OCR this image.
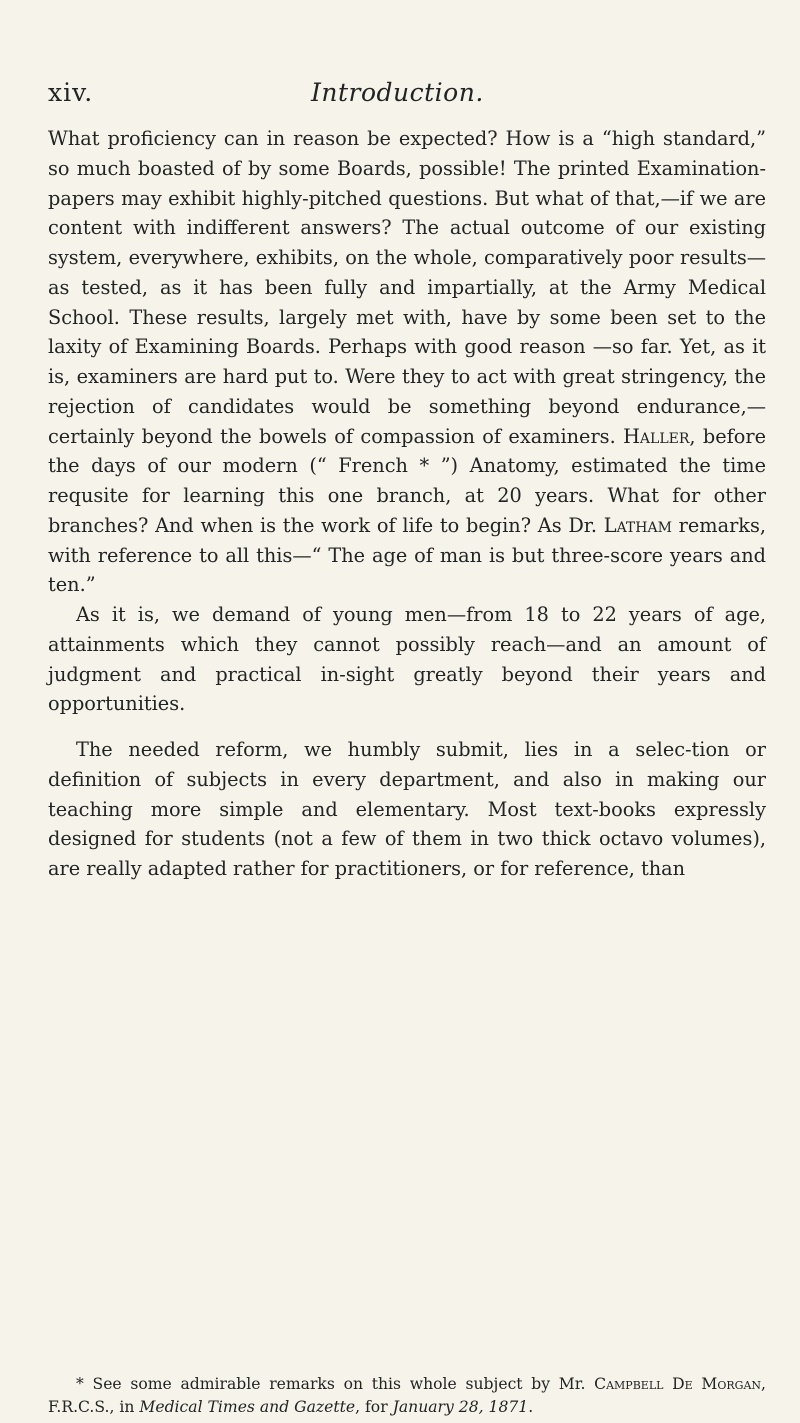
xiv.	Introduction.

What proficiency can in reason be expected? How is a “high standard,” so much boasted of by some Boards, possible! The printed Examination-papers may exhibit highly-pitched questions. But what of that,—if we are content with indifferent answers? The actual outcome of our existing system, everywhere, exhibits, on the whole, comparatively poor results—as tested, as it has been fully and impartially, at the Army Medical School. These results, largely met with, have by some been set to the laxity of Examining Boards. Perhaps with good reason —so far. Yet, as it is, examiners are hard put to. Were they to act with great stringency, the rejection of candidates would be something beyond endurance,— certainly beyond the bowels of compassion of examiners. Haller, before the days of our modern (“ French * ”) Anatomy, estimated the time requsite for learning this one branch, at 20 years. What for other branches? And when is the work of life to begin? As Dr. Latham remarks, with reference to all this—“ The age of man is but three-score years and ten.”

As it is, we demand of young men—from 18 to 22 years of age, attainments which they cannot possibly reach—and an amount of judgment and practical in-sight greatly beyond their years and opportunities.

The needed reform, we humbly submit, lies in a selec-tion or definition of subjects in every department, and also in making our teaching more simple and elementary. Most text-books expressly designed for students (not a few of them in two thick octavo volumes), are really adapted rather for practitioners, or for reference, than

* See some admirable remarks on this whole subject by Mr. Campbell De Morgan, F.R.C.S., in Medical Times and Gazette, for January 28, 1871.
